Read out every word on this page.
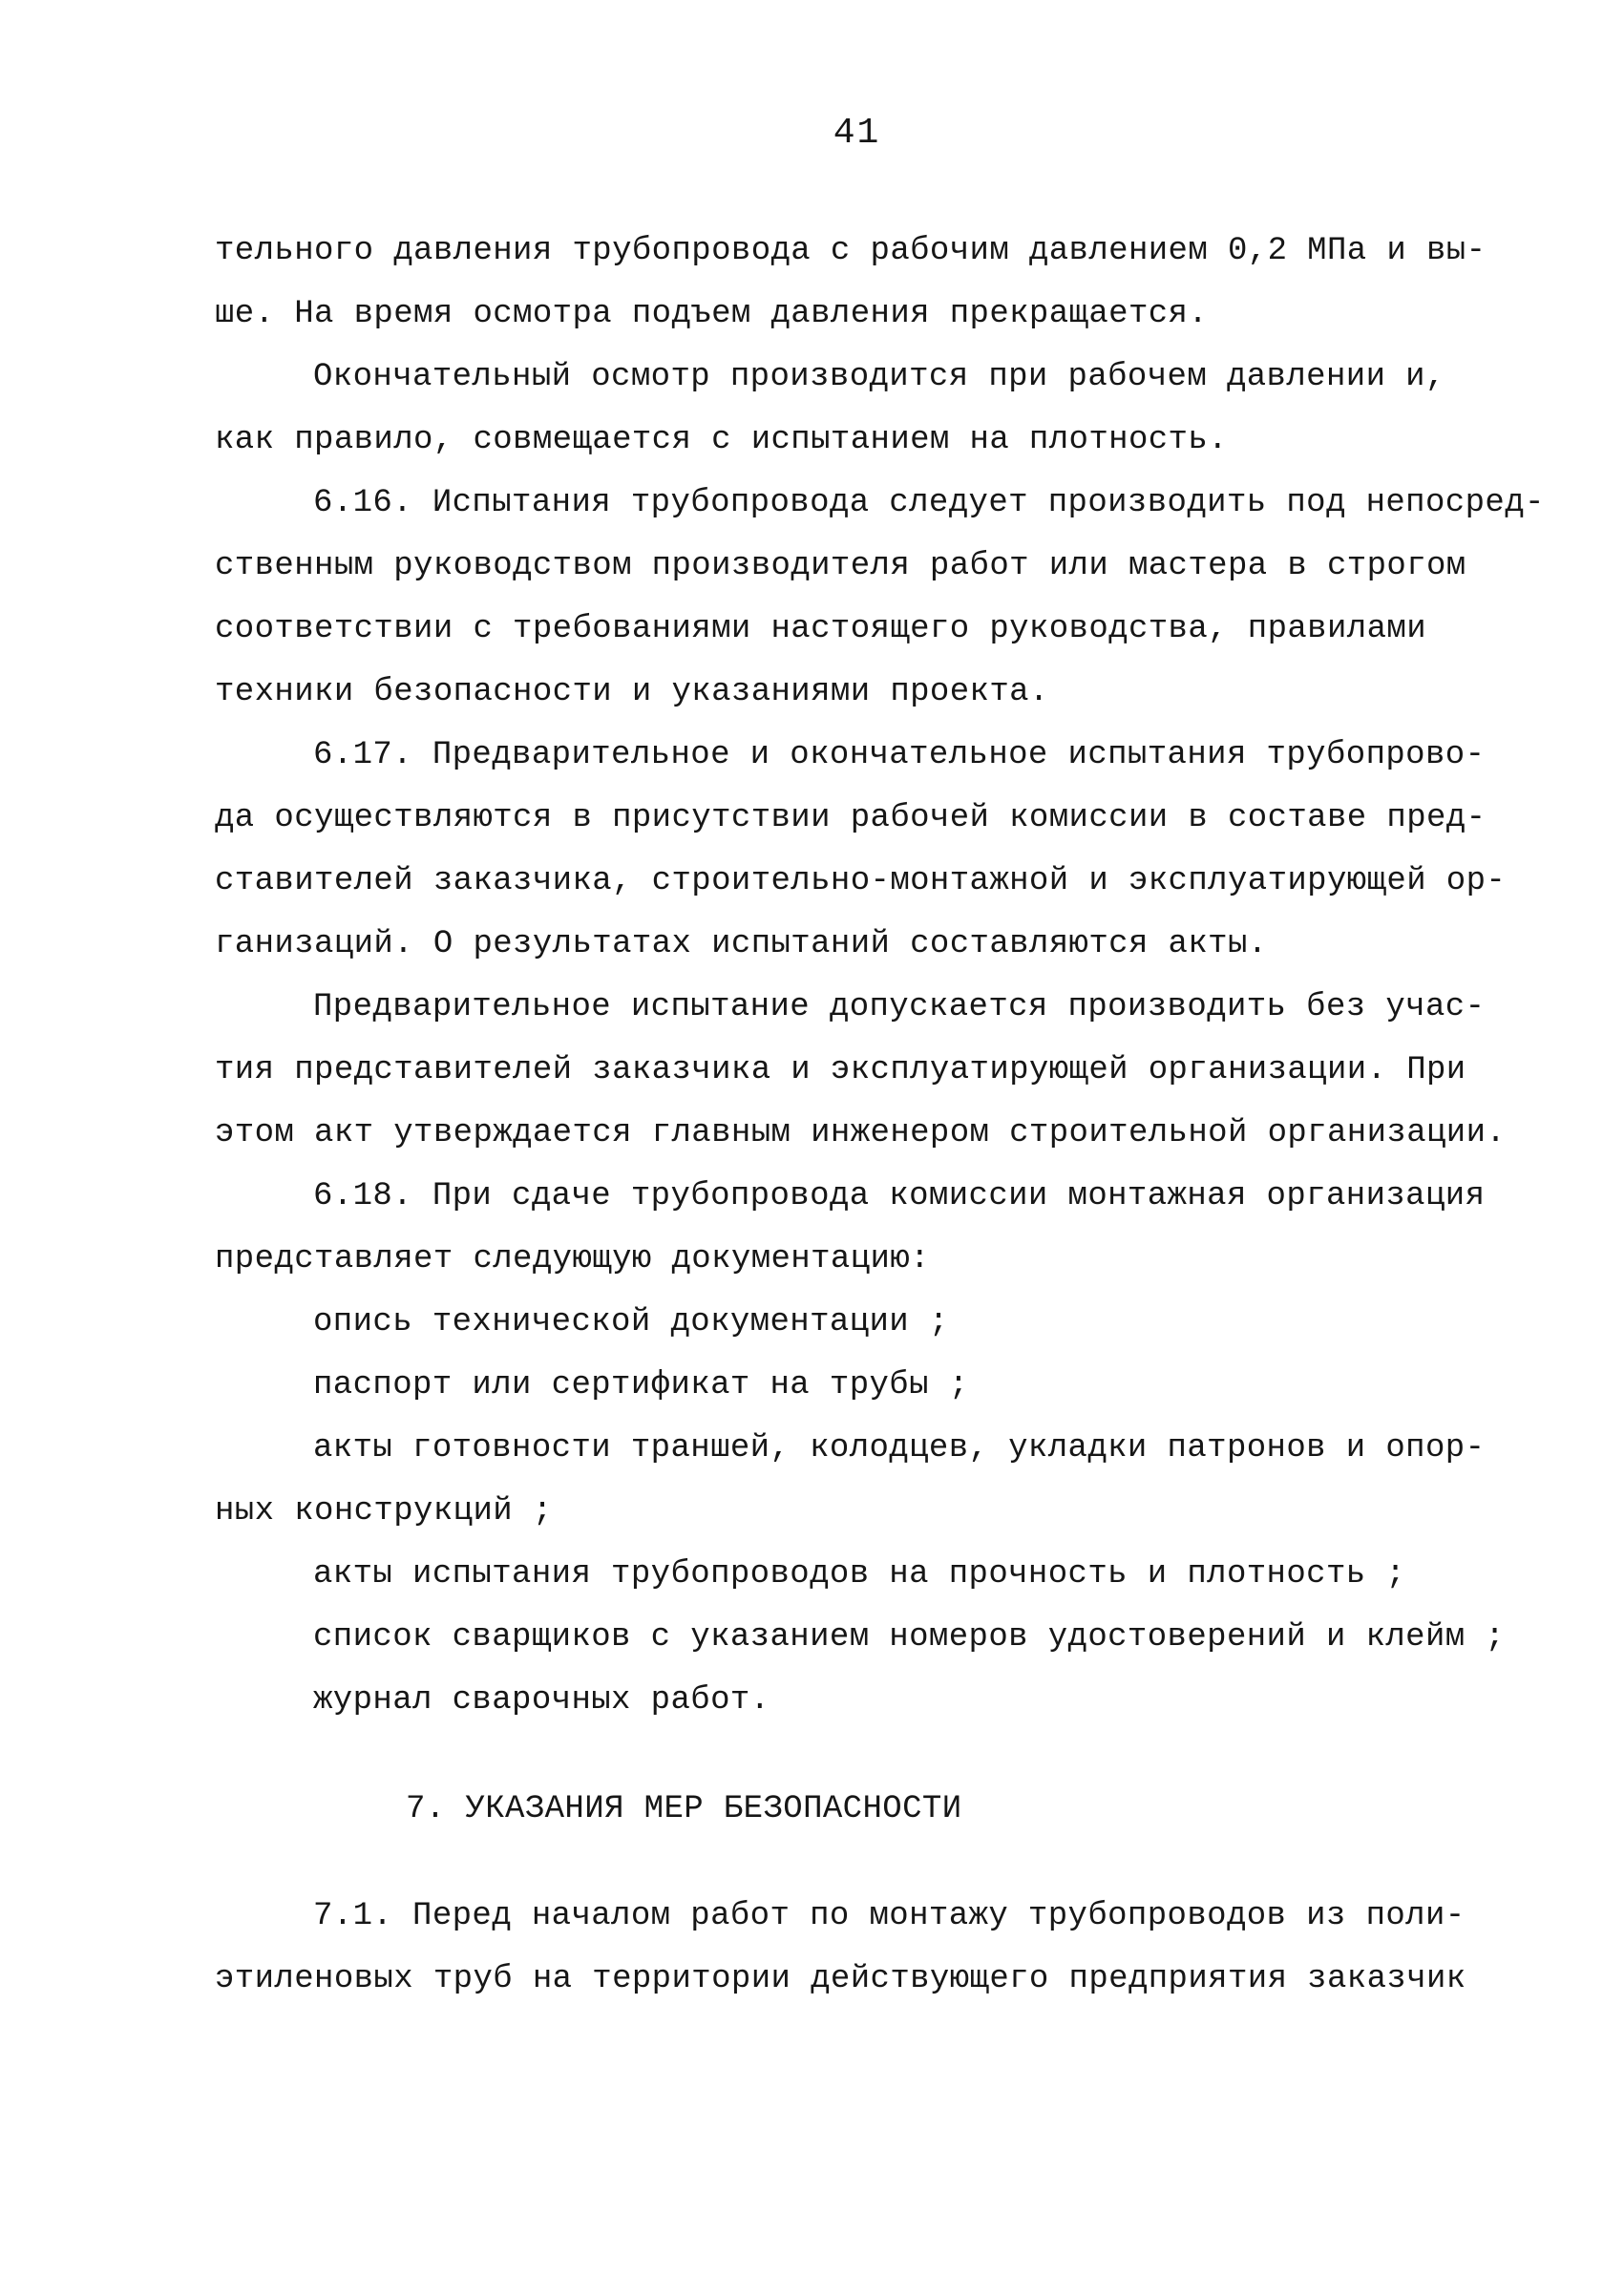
41
тельного давления трубопровода с рабочим давлением 0,2 МПа и вы-
ше. На время осмотра подъем давления прекращается.
Окончательный осмотр производится при рабочем давлении и,
как правило, совмещается с испытанием на плотность.
6.16. Испытания трубопровода следует производить под непосред-
ственным руководством производителя работ или мастера в строгом
соответствии с требованиями настоящего руководства, правилами
техники безопасности и указаниями проекта.
6.17. Предварительное и окончательное испытания трубопрово-
да осуществляются в присутствии рабочей комиссии в составе пред-
ставителей заказчика, строительно-монтажной и эксплуатирующей ор-
ганизаций. О результатах испытаний составляются акты.
Предварительное испытание допускается производить без учас-
тия представителей заказчика и эксплуатирующей организации. При
этом акт утверждается главным инженером строительной организации.
6.18. При сдаче трубопровода комиссии монтажная организация
представляет следующую документацию:
опись технической документации ;
паспорт или сертификат на трубы ;
акты готовности траншей, колодцев, укладки патронов и опор-
ных конструкций ;
акты испытания трубопроводов на прочность и плотность ;
список сварщиков с указанием номеров удостоверений и клейм ;
журнал сварочных работ.
7. УКАЗАНИЯ МЕР БЕЗОПАСНОСТИ
7.1. Перед началом работ по монтажу трубопроводов из поли-
этиленовых труб на территории действующего предприятия заказчик
